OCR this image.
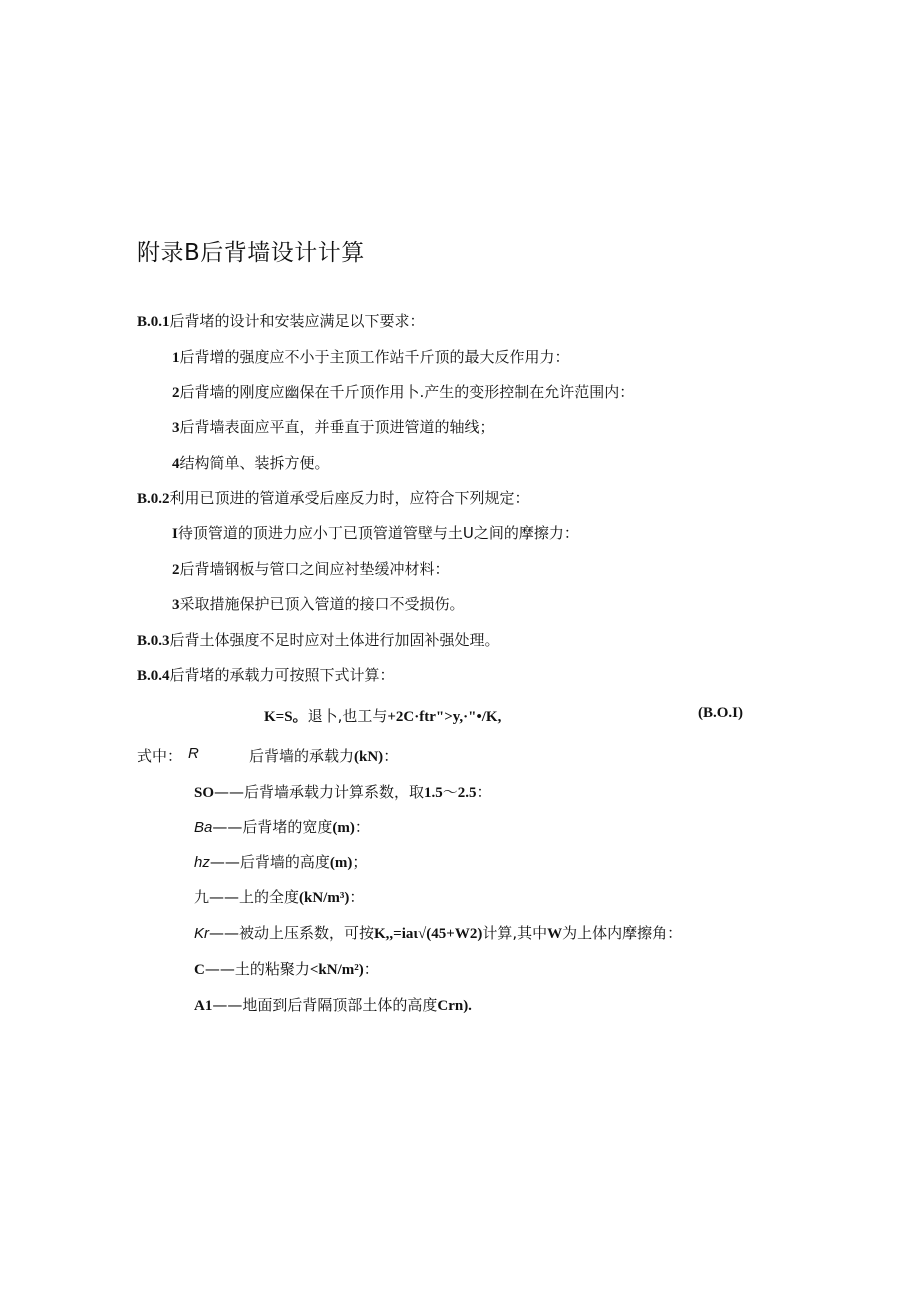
附录B后背墙设计计算
B.0.1后背堵的设计和安装应满足以下要求：
1后背增的强度应不小于主顶工作站千斤顶的最大反作用力：
2后背墙的刚度应幽保在千斤顶作用卜.产生的变形控制在允许范围内：
3后背墙表面应平直，并垂直于顶进管道的轴线；
4结构简单、装拆方便。
B.0.2利用已顶进的管道承受后座反力时，应符合下列规定：
I待顶管道的顶进力应小丁已顶管道管壁与土U之间的摩擦力：
2后背墙钢板与管口之间应衬垫缓冲材料：
3采取措施保护已顶入管道的接口不受损伤。
B.0.3后背土体强度不足时应对土体进行加固补强处理。
B.0.4后背堵的承载力可按照下式计算：
K=S。退卜,也工与+2C·ftr">y,·"•/K,	(B.O.I)
式中： R	后背墙的承载力(kN)：
SO——后背墙承载力计算系数，取1.5～2.5：
Ba——后背堵的宽度(m)：
hz——后背墙的高度(m)；
九——上的全度(kN/m³)：
Kr——被动上压系数，可按K,,=iaι√(45+W2)计算,其中W为上体内摩擦角：
C——土的粘聚力<kN/m²)：
A1——地面到后背隔顶部土体的高度Crn).
